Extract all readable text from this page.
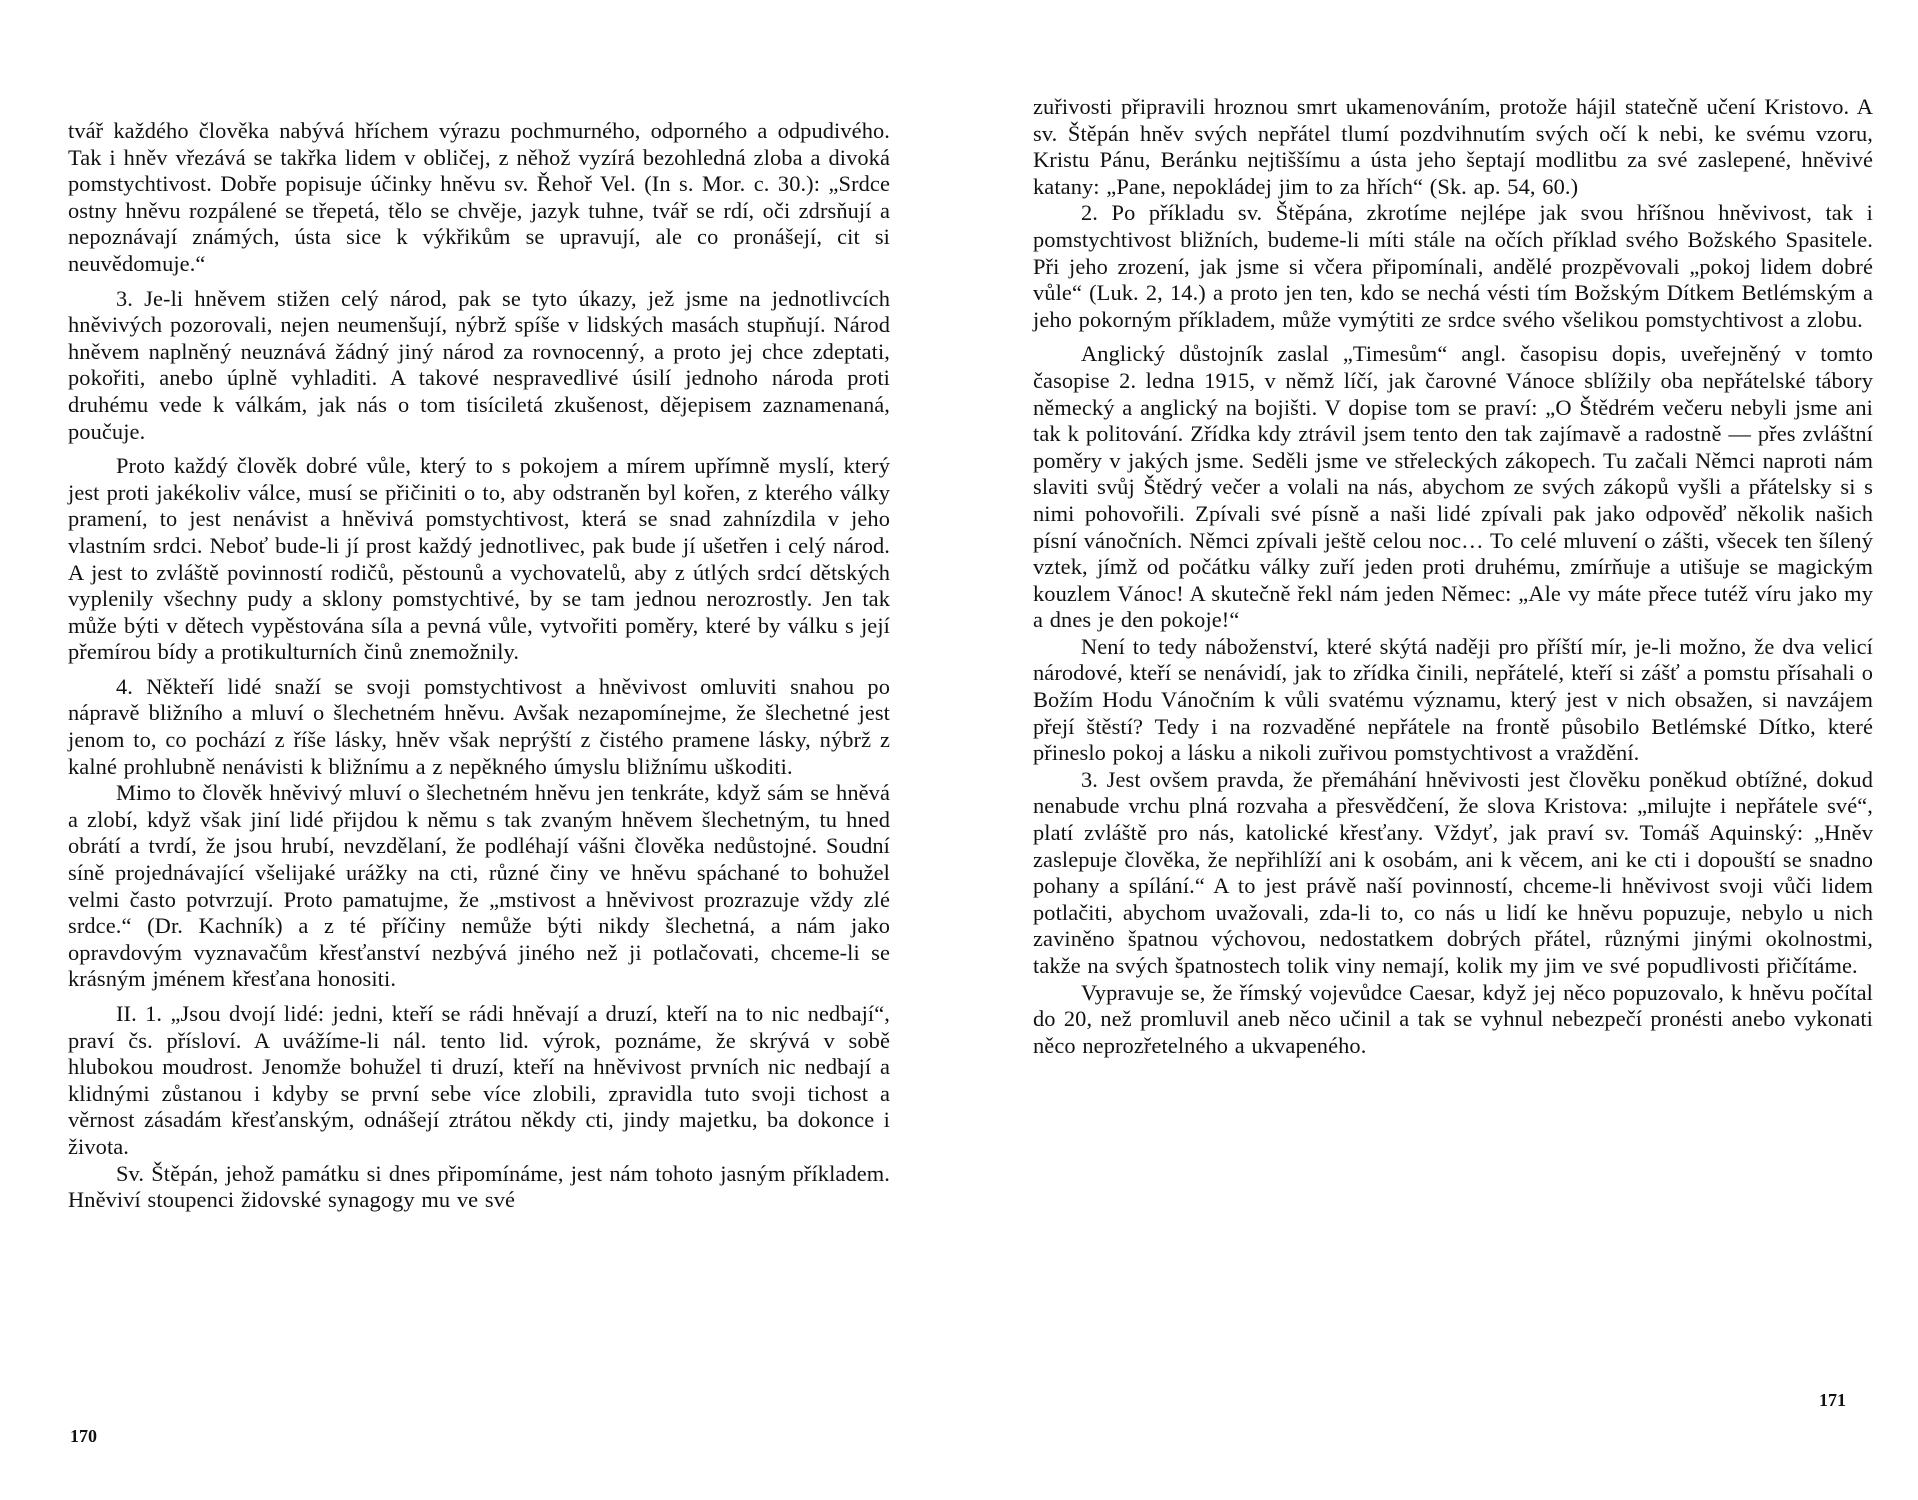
tvář každého člověka nabývá hříchem výrazu pochmurného, odporného a odpudivého. Tak i hněv vřezává se takřka lidem v obličej, z něhož vyzírá bezohledná zloba a divoká pomstychtivost. Dobře popisuje účinky hněvu sv. Řehoř Vel. (In s. Mor. c. 30.): „Srdce ostny hněvu rozpálené se třepetá, tělo se chvěje, jazyk tuhne, tvář se rdí, oči zdrsňují a nepoznávají známých, ústa sice k výkřikům se upravují, ale co pronášejí, cit si neuvědomuje.“

3. Je-li hněvem stižen celý národ, pak se tyto úkazy, jež jsme na jednotlivcích hněvivých pozorovali, nejen neumenšují, nýbrž spíše v lidských masách stupňují. Národ hněvem naplněný neuznává žádný jiný národ za rovnocenný, a proto jej chce zdeptati, pokořiti, anebo úplně vyhladiti. A takové nespravedlivé úsilí jednoho národa proti druhému vede k válkám, jak nás o tom tisíciletá zkušenost, dějepisem zaznamenaná, poučuje.

Proto každý člověk dobré vůle, který to s pokojem a mírem upřímně myslí, který jest proti jakékoliv válce, musí se přičiniti o to, aby odstraněn byl kořen, z kterého války pramení, to jest nenávist a hněvivá pomstychtivost, která se snad zahnízdila v jeho vlastním srdci. Neboť bude-li jí prost každý jednotlivec, pak bude jí ušetřen i celý národ. A jest to zvláště povinností rodičů, pěstounů a vychovatelů, aby z útlých srdcí dětských vyplenily všechny pudy a sklony pomstychtivé, by se tam jednou nerozrostly. Jen tak může býti v dětech vypěstována síla a pevná vůle, vytvořiti poměry, které by válku s její přemírou bídy a protikulturních činů znemožnily.

4. Někteří lidé snaží se svoji pomstychtivost a hněvivost omluviti snahou po nápravě bližního a mluví o šlechetném hněvu. Avšak nezapomínejme, že šlechetné jest jenom to, co pochází z říše lásky, hněv však neprýští z čistého pramene lásky, nýbrž z kalné prohlubně nenávisti k bližnímu a z nepěkného úmyslu bližnímu uškoditi.

Mimo to člověk hněvivý mluví o šlechetném hněvu jen tenkráte, když sám se hněvá a zlobí, když však jiní lidé přijdou k němu s tak zvaným hněvem šlechetným, tu hned obrátí a tvrdí, že jsou hrubí, nevzdělaní, že podléhají vášni člověka nedůstojné. Soudní síně projednávající všelijaké urážky na cti, různé činy ve hněvu spáchané to bohužel velmi často potvrzují. Proto pamatujme, že „mstivost a hněvivost prozrazuje vždy zlé srdce.“ (Dr. Kachník) a z té příčiny nemůže býti nikdy šlechetná, a nám jako opravdovým vyznavačům křesťanství nezbývá jiného než ji potlačovati, chceme-li se krásným jménem křesťana honositi.

II. 1. „Jsou dvojí lidé: jedni, kteří se rádi hněvají a druzí, kteří na to nic nedbají“, praví čs. přísloví. A uvážíme-li nál. tento lid. výrok, poznáme, že skrývá v sobě hlubokou moudrost. Jenomže bohužel ti druzí, kteří na hněvivost prvních nic nedbají a klidnými zůstanou i kdyby se první sebe více zlobili, zpravidla tuto svoji tichost a věrnost zásadám křesťanským, odnášejí ztrátou někdy cti, jindy majetku, ba dokonce i života.

Sv. Štěpán, jehož památku si dnes připomínáme, jest nám tohoto jasným příkladem. Hněviví stoupenci židovské synagogy mu ve své

170

zuřivosti připravili hroznou smrt ukamenováním, protože hájil statečně učení Kristovo. A sv. Štěpán hněv svých nepřátel tlumí pozdvihnutím svých očí k nebi, ke svému vzoru, Kristu Pánu, Beránku nejtiššímu a ústa jeho šeptají modlitbu za své zaslepené, hněvivé katany: „Pane, nepokládej jim to za hřích“ (Sk. ap. 54, 60.)

2. Po příkladu sv. Štěpána, zkrotíme nejlépe jak svou hříšnou hněvivost, tak i pomstychtivost bližních, budeme-li míti stále na očích příklad svého Božského Spasitele. Při jeho zrození, jak jsme si včera připomínali, andělé prozpěvovali „pokoj lidem dobré vůle“ (Luk. 2, 14.) a proto jen ten, kdo se nechá vésti tím Božským Dítkem Betlémským a jeho pokorným příkladem, může vymýtiti ze srdce svého všelikou pomstychtivost a zlobu.

Anglický důstojník zaslal „Timesům“ angl. časopisu dopis, uveřejněný v tomto časopise 2. ledna 1915, v němž líčí, jak čarovné Vánoce sblížily oba nepřátelské tábory německý a anglický na bojišti. V dopise tom se praví: „O Štědrém večeru nebyli jsme ani tak k politování. Zřídka kdy ztrávil jsem tento den tak zajímavě a radostně — přes zvláštní poměry v jakých jsme. Seděli jsme ve střeleckých zákopech. Tu začali Němci naproti nám slaviti svůj Štědrý večer a volali na nás, abychom ze svých zákopů vyšli a přátelsky si s nimi pohovořili. Zpívali své písně a naši lidé zpívali pak jako odpověď několik našich písní vánočních. Němci zpívali ještě celou noc… To celé mluvení o zášti, všecek ten šílený vztek, jímž od počátku války zuří jeden proti druhému, zmírňuje a utišuje se magickým kouzlem Vánoc! A skutečně řekl nám jeden Němec: „Ale vy máte přece tutéž víru jako my a dnes je den pokoje!“

Není to tedy náboženství, které skýtá naději pro příští mír, je-li možno, že dva velicí národové, kteří se nenávidí, jak to zřídka činili, nepřátelé, kteří si zášť a pomstu přísahali o Božím Hodu Vánočním k vůli svatému významu, který jest v nich obsažen, si navzájem přejí štěstí? Tedy i na rozvaděné nepřátele na frontě působilo Betlémské Dítko, které přineslo pokoj a lásku a nikoli zuřivou pomstychtivost a vraždění.

3. Jest ovšem pravda, že přemáhání hněvivosti jest člověku poněkud obtížné, dokud nenabude vrchu plná rozvaha a přesvědčení, že slova Kristova: „milujte i nepřátele své“, platí zvláště pro nás, katolické křesťany. Vždyť, jak praví sv. Tomáš Aquinský: „Hněv zaslepuje člověka, že nepřihlíží ani k osobám, ani k věcem, ani ke cti i dopouští se snadno pohany a spílání.“ A to jest právě naší povinností, chceme-li hněvivost svoji vůči lidem potlačiti, abychom uvažovali, zda-li to, co nás u lidí ke hněvu popuzuje, nebylo u nich zaviněno špatnou výchovou, nedostatkem dobrých přátel, různými jinými okolnostmi, takže na svých špatnostech tolik viny nemají, kolik my jim ve své popudlivosti přičítáme.

Vypravuje se, že římský vojevůdce Caesar, když jej něco popuzovalo, k hněvu počítal do 20, než promluvil aneb něco učinil a tak se vyhnul nebezpečí pronésti anebo vykonati něco neprozřetelného a ukvapeného.

171
